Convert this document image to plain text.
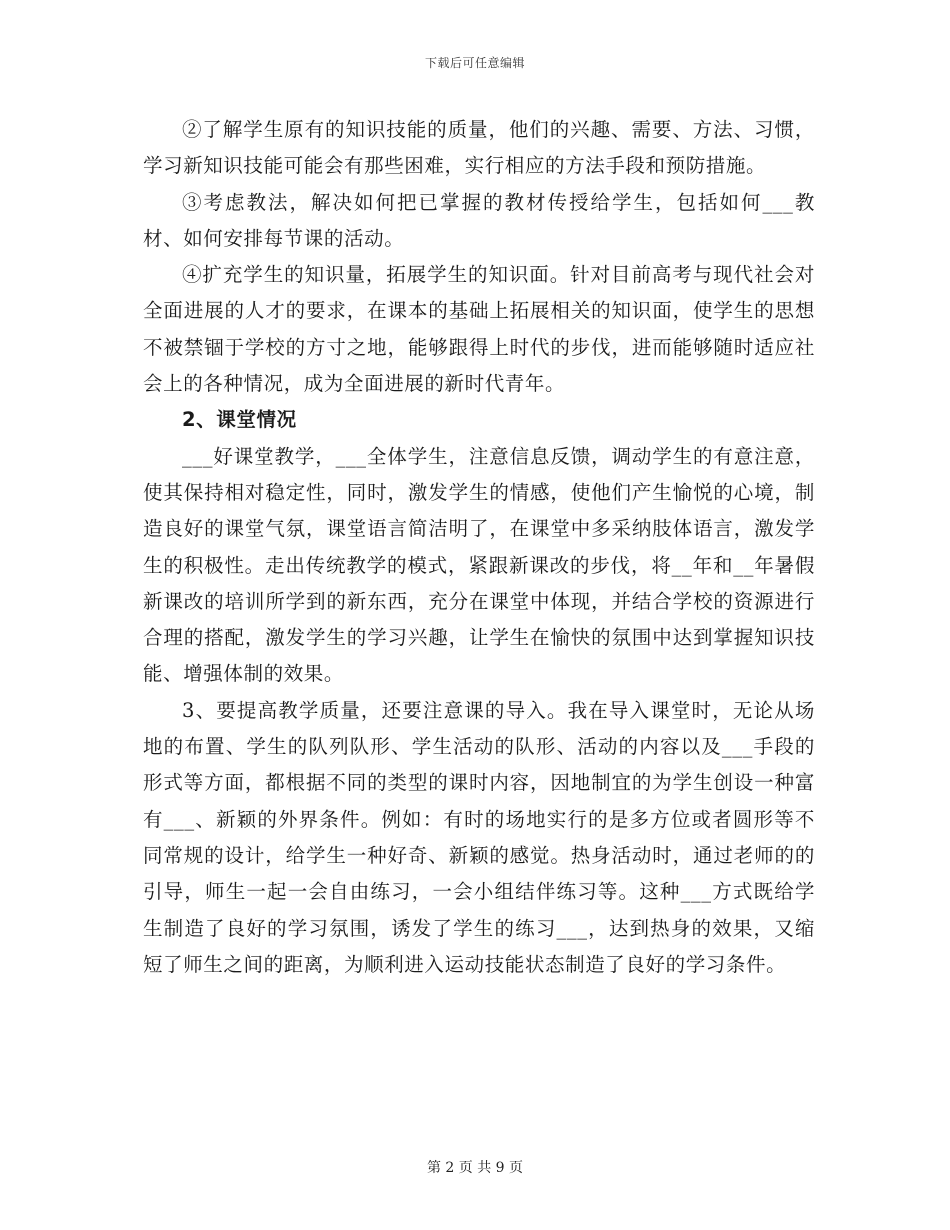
下载后可任意编辑

②了解学生原有的知识技能的质量，他们的兴趣、需要、方法、习惯，学习新知识技能可能会有那些困难，实行相应的方法手段和预防措施。

③考虑教法，解决如何把已掌握的教材传授给学生，包括如何___教材、如何安排每节课的活动。

④扩充学生的知识量，拓展学生的知识面。针对目前高考与现代社会对全面进展的人才的要求，在课本的基础上拓展相关的知识面，使学生的思想不被禁锢于学校的方寸之地，能够跟得上时代的步伐，进而能够随时适应社会上的各种情况，成为全面进展的新时代青年。

2、课堂情况

___好课堂教学，___全体学生，注意信息反馈，调动学生的有意注意，使其保持相对稳定性，同时，激发学生的情感，使他们产生愉悦的心境，制造良好的课堂气氛，课堂语言简洁明了，在课堂中多采纳肢体语言，激发学生的积极性。走出传统教学的模式，紧跟新课改的步伐，将__年和__年暑假新课改的培训所学到的新东西，充分在课堂中体现，并结合学校的资源进行合理的搭配，激发学生的学习兴趣，让学生在愉快的氛围中达到掌握知识技能、增强体制的效果。

3、要提高教学质量，还要注意课的导入。我在导入课堂时，无论从场地的布置、学生的队列队形、学生活动的队形、活动的内容以及___手段的形式等方面，都根据不同的类型的课时内容，因地制宜的为学生创设一种富有___、新颖的外界条件。例如：有时的场地实行的是多方位或者圆形等不同常规的设计，给学生一种好奇、新颖的感觉。热身活动时，通过老师的的引导，师生一起一会自由练习，一会小组结伴练习等。这种___方式既给学生制造了良好的学习氛围，诱发了学生的练习___，达到热身的效果，又缩短了师生之间的距离，为顺利进入运动技能状态制造了良好的学习条件。

第 2 页 共 9 页
